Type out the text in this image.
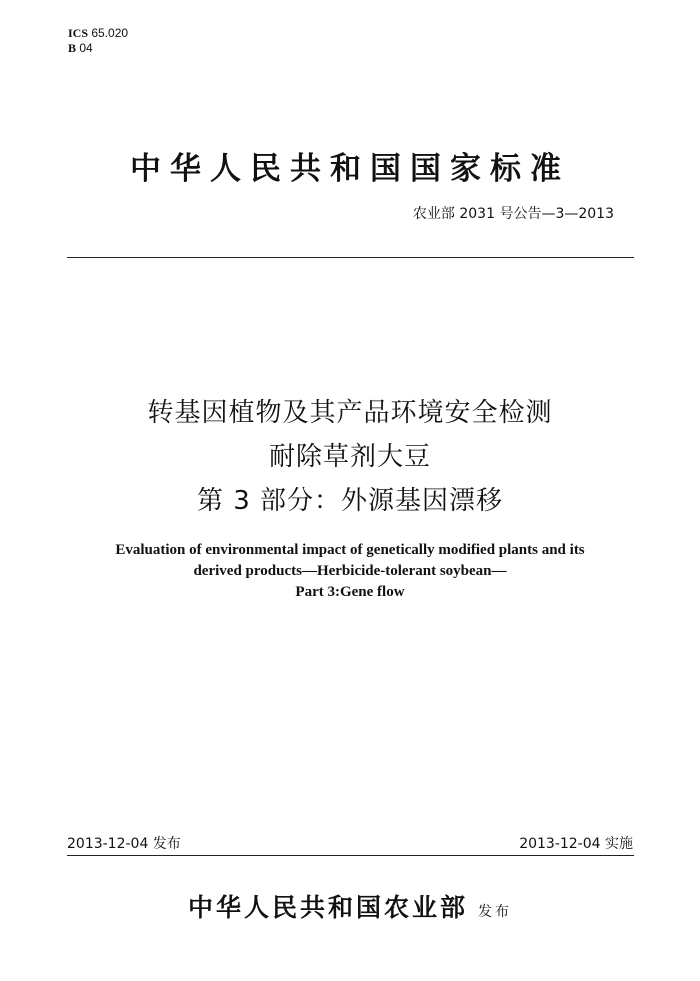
ICS 65.020
B 04
中华人民共和国国家标准
农业部 2031 号公告—3—2013
转基因植物及其产品环境安全检测
耐除草剂大豆
第 3 部分：外源基因漂移
Evaluation of environmental impact of genetically modified plants and its
derived products—Herbicide-tolerant soybean—
Part 3:Gene flow
2013-12-04 发布	2013-12-04 实施
中华人民共和国农业部 发布
